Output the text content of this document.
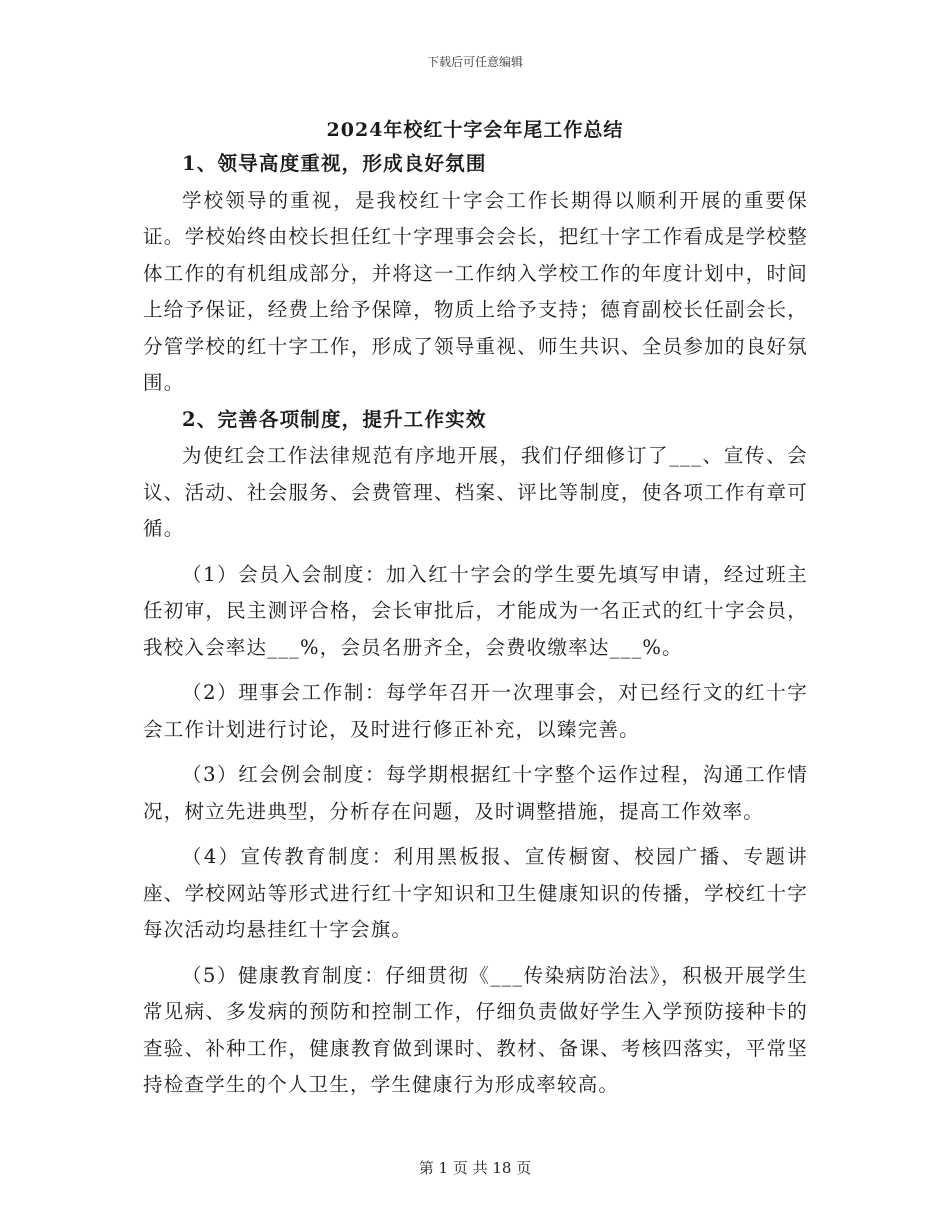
下载后可任意编辑
2024年校红十字会年尾工作总结
1、领导高度重视，形成良好氛围

学校领导的重视，是我校红十字会工作长期得以顺利开展的重要保证。学校始终由校长担任红十字理事会会长，把红十字工作看成是学校整体工作的有机组成部分，并将这一工作纳入学校工作的年度计划中，时间上给予保证，经费上给予保障，物质上给予支持；德育副校长任副会长，分管学校的红十字工作，形成了领导重视、师生共识、全员参加的良好氛围。

2、完善各项制度，提升工作实效

为使红会工作法律规范有序地开展，我们仔细修订了___、宣传、会议、活动、社会服务、会费管理、档案、评比等制度，使各项工作有章可循。

（1）会员入会制度：加入红十字会的学生要先填写申请，经过班主任初审，民主测评合格，会长审批后，才能成为一名正式的红十字会员，我校入会率达___%，会员名册齐全，会费收缴率达___%。

（2）理事会工作制：每学年召开一次理事会，对已经行文的红十字会工作计划进行讨论，及时进行修正补充，以臻完善。

（3）红会例会制度：每学期根据红十字整个运作过程，沟通工作情况，树立先进典型，分析存在问题，及时调整措施，提高工作效率。

（4）宣传教育制度：利用黑板报、宣传橱窗、校园广播、专题讲座、学校网站等形式进行红十字知识和卫生健康知识的传播，学校红十字每次活动均悬挂红十字会旗。

（5）健康教育制度：仔细贯彻《___传染病防治法》，积极开展学生常见病、多发病的预防和控制工作，仔细负责做好学生入学预防接种卡的查验、补种工作，健康教育做到课时、教材、备课、考核四落实，平常坚持检查学生的个人卫生，学生健康行为形成率较高。

第 1 页 共 18 页
